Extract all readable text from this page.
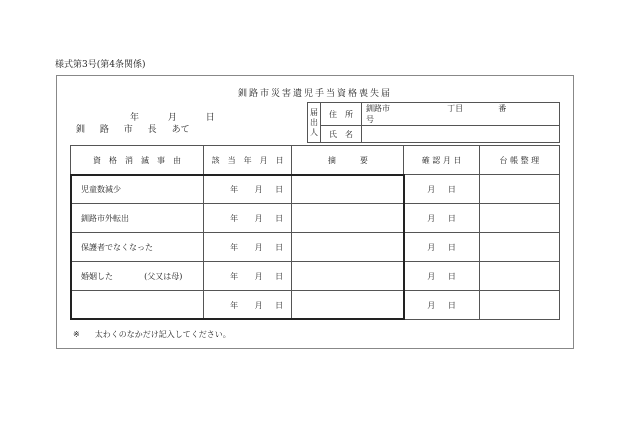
様式第3号(第4条関係)
釧路市災害遺児手当資格喪失届
年	月	日
釧 路 市 長 あて
届
出
人	住　所	釧路市 丁目 番  号
	氏　名	
資　格　消　滅　事　由	該　当　年　月　日	摘　　　要	確 認 月 日	台 帳 整 理
児童数減少	年 月 日		月 日	
釧路市外転出	年 月 日		月 日	
保護者でなくなった	年 月 日		月 日	
婚姻した (父又は母)	年 月 日		月 日	
	年 月 日		月 日	
※ 太わくのなかだけ記入してください。
